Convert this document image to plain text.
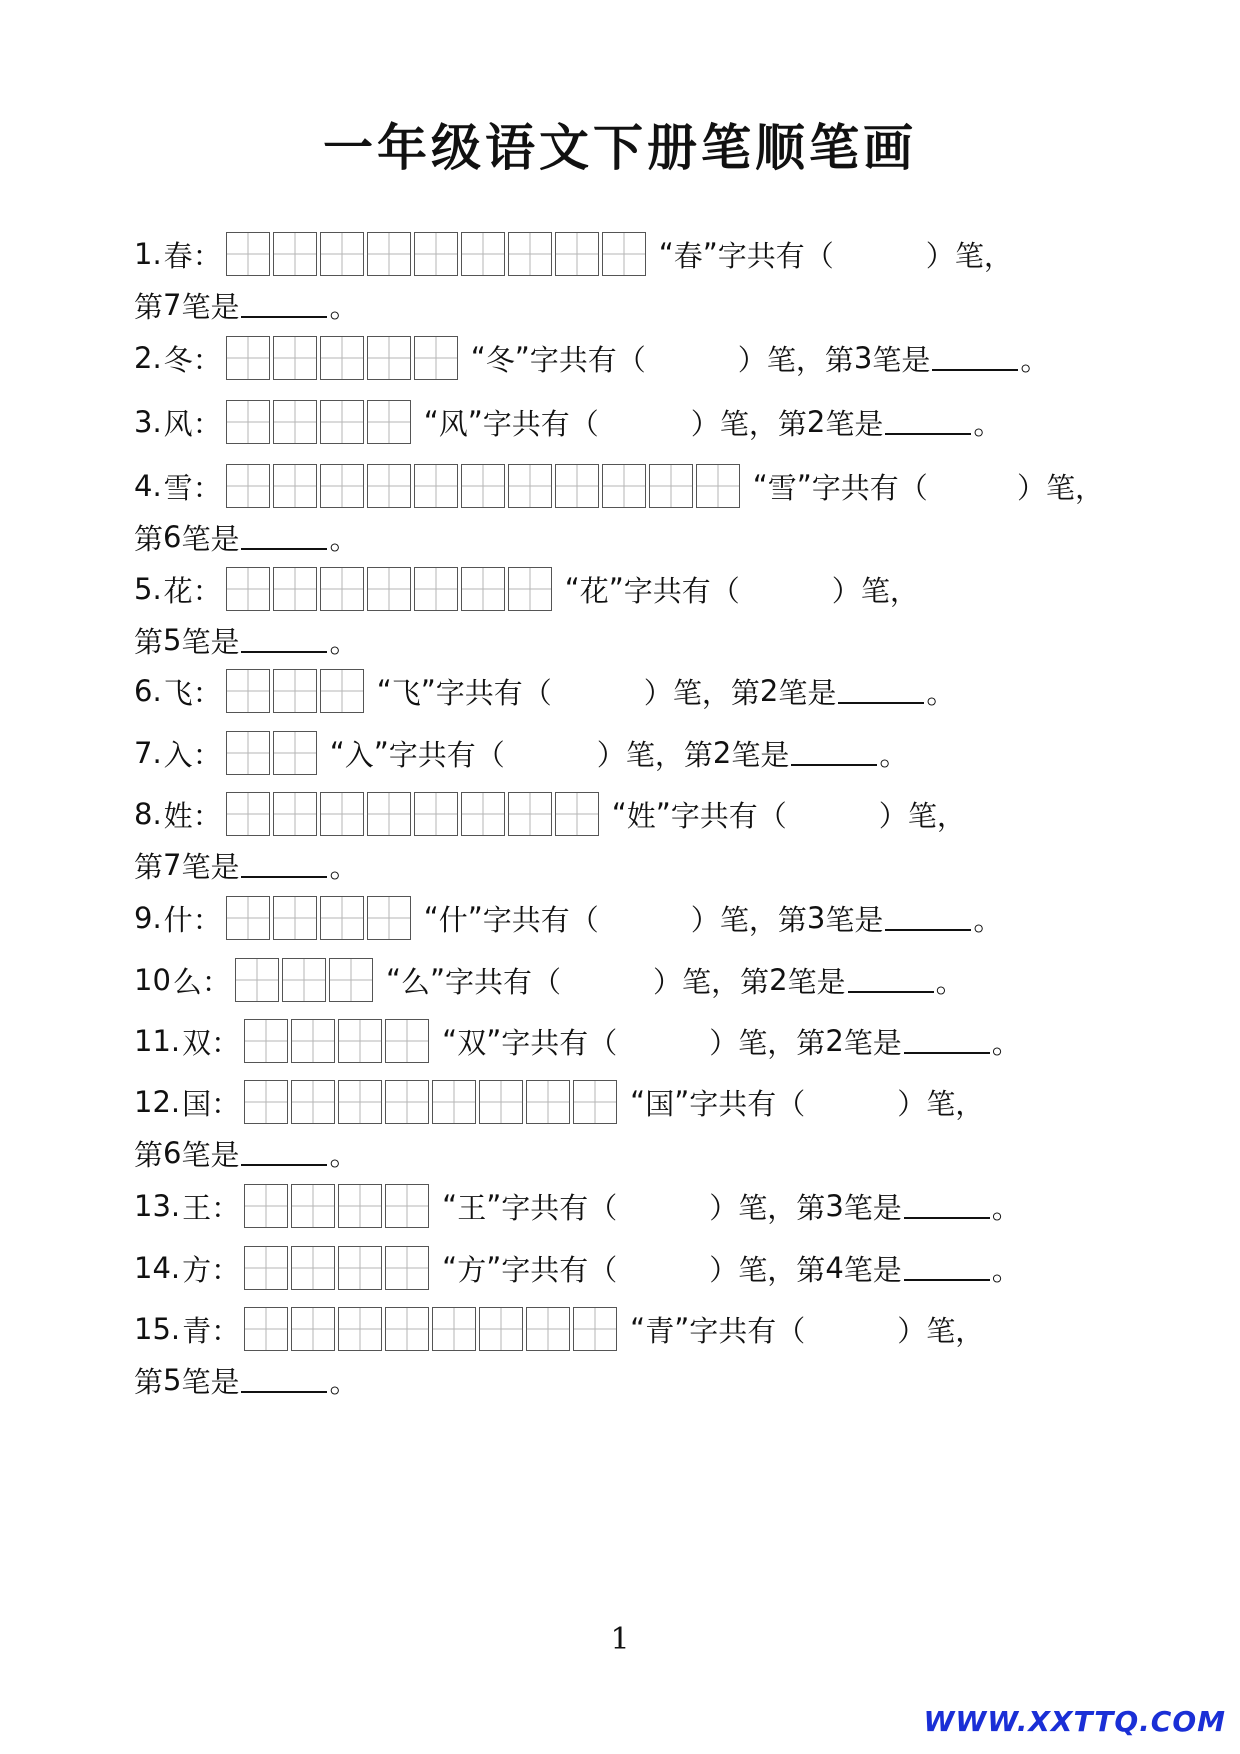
一年级语文下册笔顺笔画
1. 春 ：	“ 春 ” 字共有（	） 笔 ，
第 7 笔是	。
2. 冬 ：	“ 冬 ” 字共有（	） 笔 ， 第 3 笔是	。
3. 风 ：	“ 风 ” 字共有（	） 笔 ， 第 2 笔是	。
4. 雪 ：	“ 雪 ” 字共有（	） 笔 ，
第 6 笔是	。
5. 花 ：	“ 花 ” 字共有（	） 笔 ，
第 5 笔是	。
6. 飞 ：	“ 飞 ” 字共有（	） 笔 ， 第 2 笔是	。
7. 入 ：	“ 入 ” 字共有（	） 笔 ， 第 2 笔是	。
8. 姓 ：	“ 姓 ” 字共有（	） 笔 ，
第 7 笔是	。
9. 什 ：	“ 什 ” 字共有（	） 笔 ， 第 3 笔是	。
10 么 ：	“ 么 ” 字共有（	） 笔 ， 第 2 笔是	。
11. 双 ：	“ 双 ” 字共有（	） 笔 ， 第 2 笔是	。
12. 国 ：	“ 国 ” 字共有（	） 笔 ，
第 6 笔是	。
13. 王 ：	“ 王 ” 字共有（	） 笔 ， 第 3 笔是	。
14. 方 ：	“ 方 ” 字共有（	） 笔 ， 第 4 笔是	。
15. 青 ：	“ 青 ” 字共有（	） 笔 ，
第 5 笔是	。
1
WWW.XXTTQ.COM
